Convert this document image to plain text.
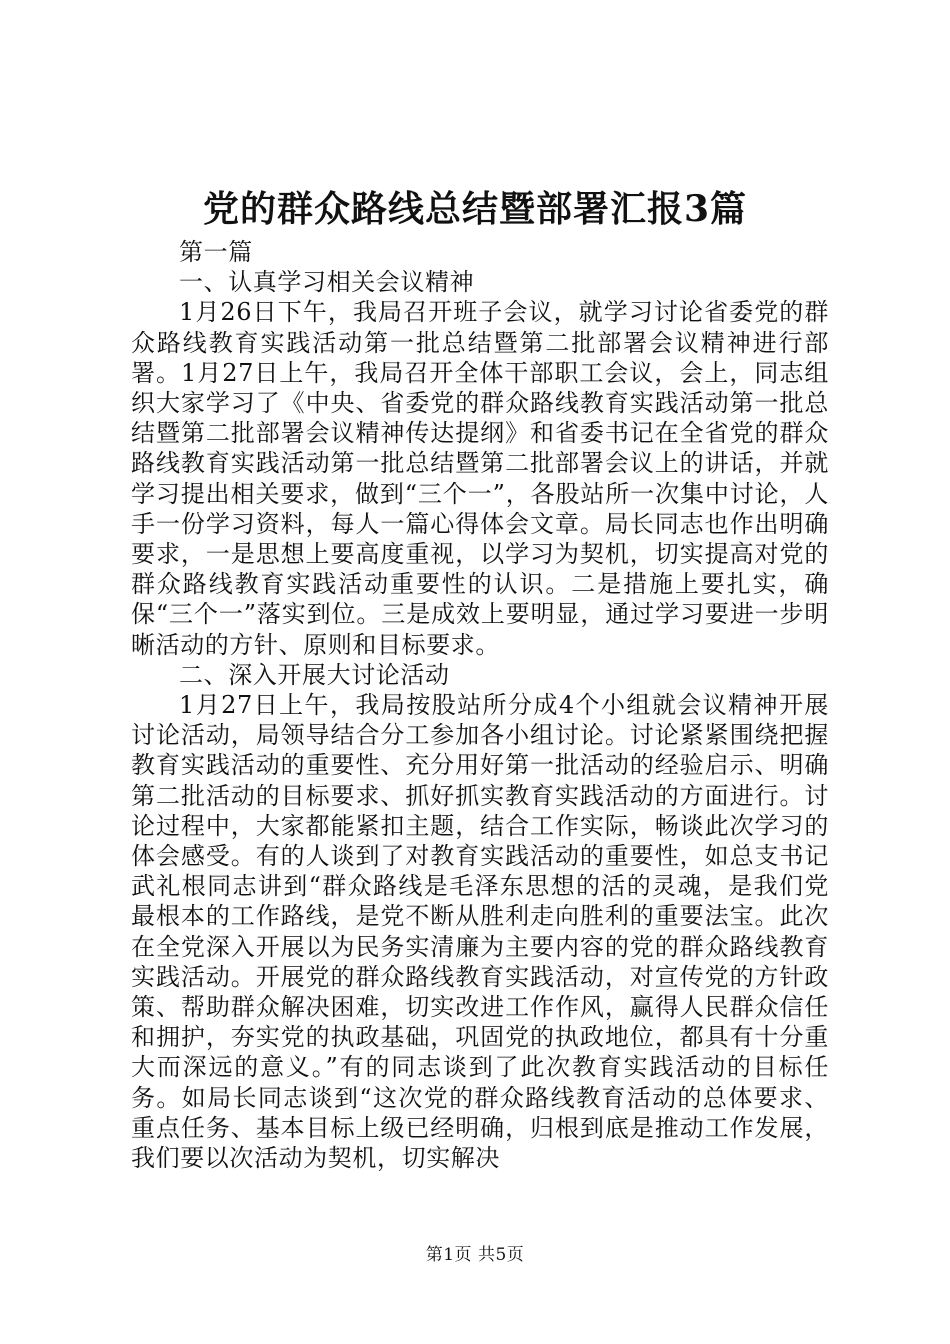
党的群众路线总结暨部署汇报3篇

第一篇

一、认真学习相关会议精神

1月26日下午，我局召开班子会议，就学习讨论省委党的群众路线教育实践活动第一批总结暨第二批部署会议精神进行部署。1月27日上午，我局召开全体干部职工会议，会上，同志组织大家学习了《中央、省委党的群众路线教育实践活动第一批总结暨第二批部署会议精神传达提纲》和省委书记在全省党的群众路线教育实践活动第一批总结暨第二批部署会议上的讲话，并就学习提出相关要求，做到“三个一”，各股站所一次集中讨论，人手一份学习资料，每人一篇心得体会文章。局长同志也作出明确要求，一是思想上要高度重视，以学习为契机，切实提高对党的群众路线教育实践活动重要性的认识。二是措施上要扎实，确保“三个一”落实到位。三是成效上要明显，通过学习要进一步明晰活动的方针、原则和目标要求。

二、深入开展大讨论活动

1月27日上午，我局按股站所分成4个小组就会议精神开展讨论活动，局领导结合分工参加各小组讨论。讨论紧紧围绕把握教育实践活动的重要性、充分用好第一批活动的经验启示、明确第二批活动的目标要求、抓好抓实教育实践活动的方面进行。讨论过程中，大家都能紧扣主题，结合工作实际，畅谈此次学习的体会感受。有的人谈到了对教育实践活动的重要性，如总支书记武礼根同志讲到“群众路线是毛泽东思想的活的灵魂，是我们党最根本的工作路线，是党不断从胜利走向胜利的重要法宝。此次在全党深入开展以为民务实清廉为主要内容的党的群众路线教育实践活动。开展党的群众路线教育实践活动，对宣传党的方针政策、帮助群众解决困难，切实改进工作作风，赢得人民群众信任和拥护，夯实党的执政基础，巩固党的执政地位，都具有十分重大而深远的意义。”有的同志谈到了此次教育实践活动的目标任务。如局长同志谈到“这次党的群众路线教育活动的总体要求、重点任务、基本目标上级已经明确，归根到底是推动工作发展，我们要以次活动为契机，切实解决

第1页 共5页
